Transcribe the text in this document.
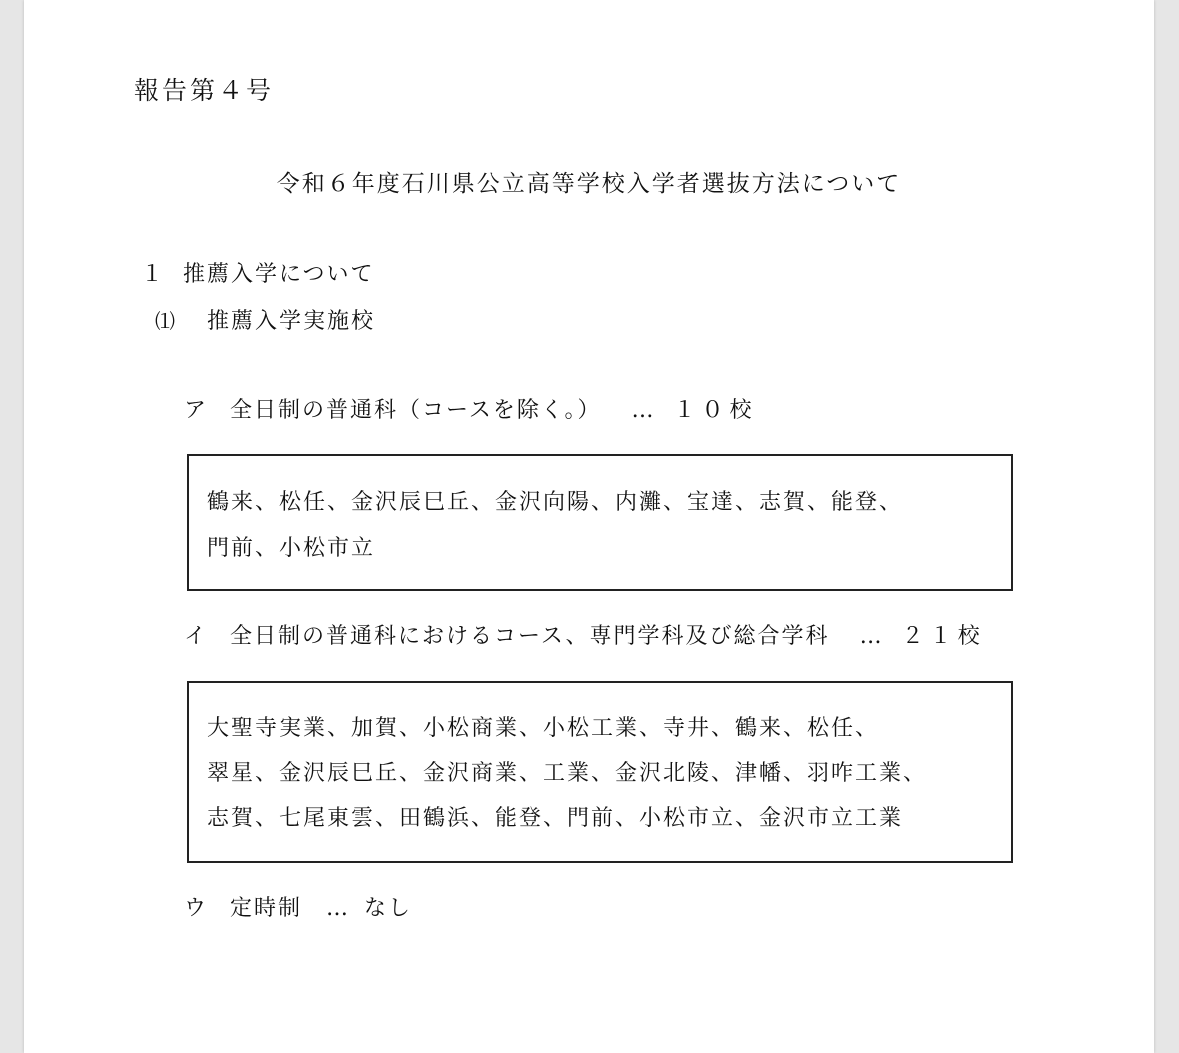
報告第４号
令和６年度石川県公立高等学校入学者選抜方法について
１ 推薦入学について
⑴ 推薦入学実施校
ア 全日制の普通科（コースを除く。） … １０校
鶴来、松任、金沢辰巳丘、金沢向陽、内灘、宝達、志賀、能登、
門前、小松市立
イ 全日制の普通科におけるコース、専門学科及び総合学科 … ２１校
大聖寺実業、加賀、小松商業、小松工業、寺井、鶴来、松任、
翠星、金沢辰巳丘、金沢商業、工業、金沢北陵、津幡、羽咋工業、
志賀、七尾東雲、田鶴浜、能登、門前、小松市立、金沢市立工業
ウ 定時制 … なし
